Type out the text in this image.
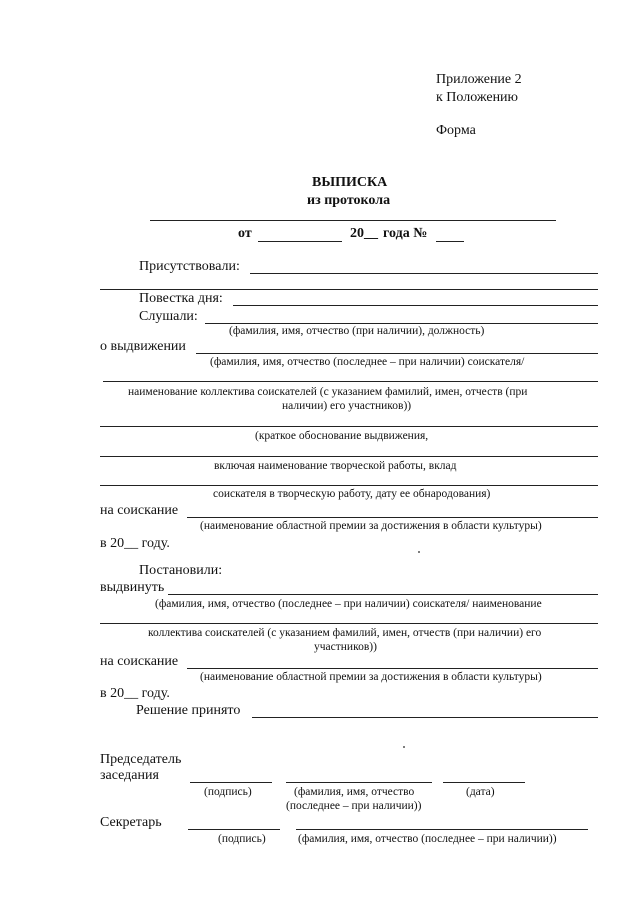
Приложение 2
к Положению
Форма
ВЫПИСКА
из протокола
от	20__ года №
Присутствовали:
Повестка дня:
Слушали:
(фамилия, имя, отчество (при наличии), должность)
о выдвижении
(фамилия, имя, отчество (последнее – при наличии) соискателя/
наименование коллектива соискателей (с указанием фамилий, имен, отчеств (при
наличии) его участников))
(краткое обоснование выдвижения,
включая наименование творческой работы, вклад
соискателя в творческую работу, дату ее обнародования)
на соискание
(наименование областной премии за достижения в области культуры)
в 20__ году.
Постановили:
выдвинуть
(фамилия, имя, отчество (последнее – при наличии) соискателя/ наименование
коллектива соискателей (с указанием фамилий, имен, отчеств (при наличии) его
участников))
на соискание
(наименование областной премии за достижения в области культуры)
в 20__ году.
Решение принято
Председатель
заседания
(подпись)	(фамилия, имя, отчество
(последнее – при наличии))
(дата)
Секретарь
(подпись)	(фамилия, имя, отчество (последнее – при наличии))
